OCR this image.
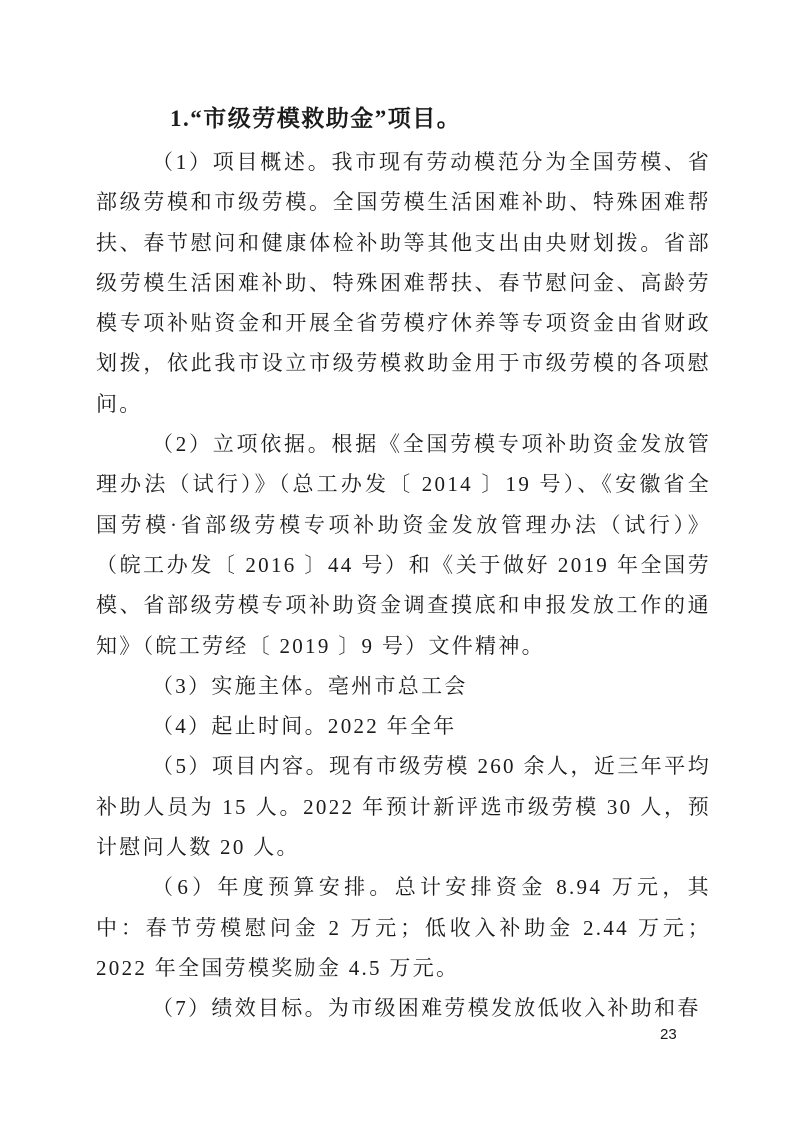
1.“市级劳模救助金”项目。

（1）项目概述。我市现有劳动模范分为全国劳模、省部级劳模和市级劳模。全国劳模生活困难补助、特殊困难帮扶、春节慰问和健康体检补助等其他支出由央财划拨。省部级劳模生活困难补助、特殊困难帮扶、春节慰问金、高龄劳模专项补贴资金和开展全省劳模疗休养等专项资金由省财政划拨，依此我市设立市级劳模救助金用于市级劳模的各项慰问。

（2）立项依据。根据《全国劳模专项补助资金发放管理办法（试行）》（总工办发〔 2014 〕19 号）、《安徽省全国劳模·省部级劳模专项补助资金发放管理办法（试行）》（皖工办发〔 2016 〕44 号）和《关于做好 2019 年全国劳模、省部级劳模专项补助资金调查摸底和申报发放工作的通知》（皖工劳经〔 2019 〕9 号）文件精神。

（3）实施主体。亳州市总工会

（4）起止时间。2022 年全年

（5）项目内容。现有市级劳模 260 余人，近三年平均补助人员为 15 人。2022 年预计新评选市级劳模 30 人，预计慰问人数 20 人。

（6）年度预算安排。总计安排资金 8.94 万元，其中：春节劳模慰问金 2 万元；低收入补助金 2.44 万元； 2022 年全国劳模奖励金 4.5 万元。

（7）绩效目标。为市级困难劳模发放低收入补助和春

23
